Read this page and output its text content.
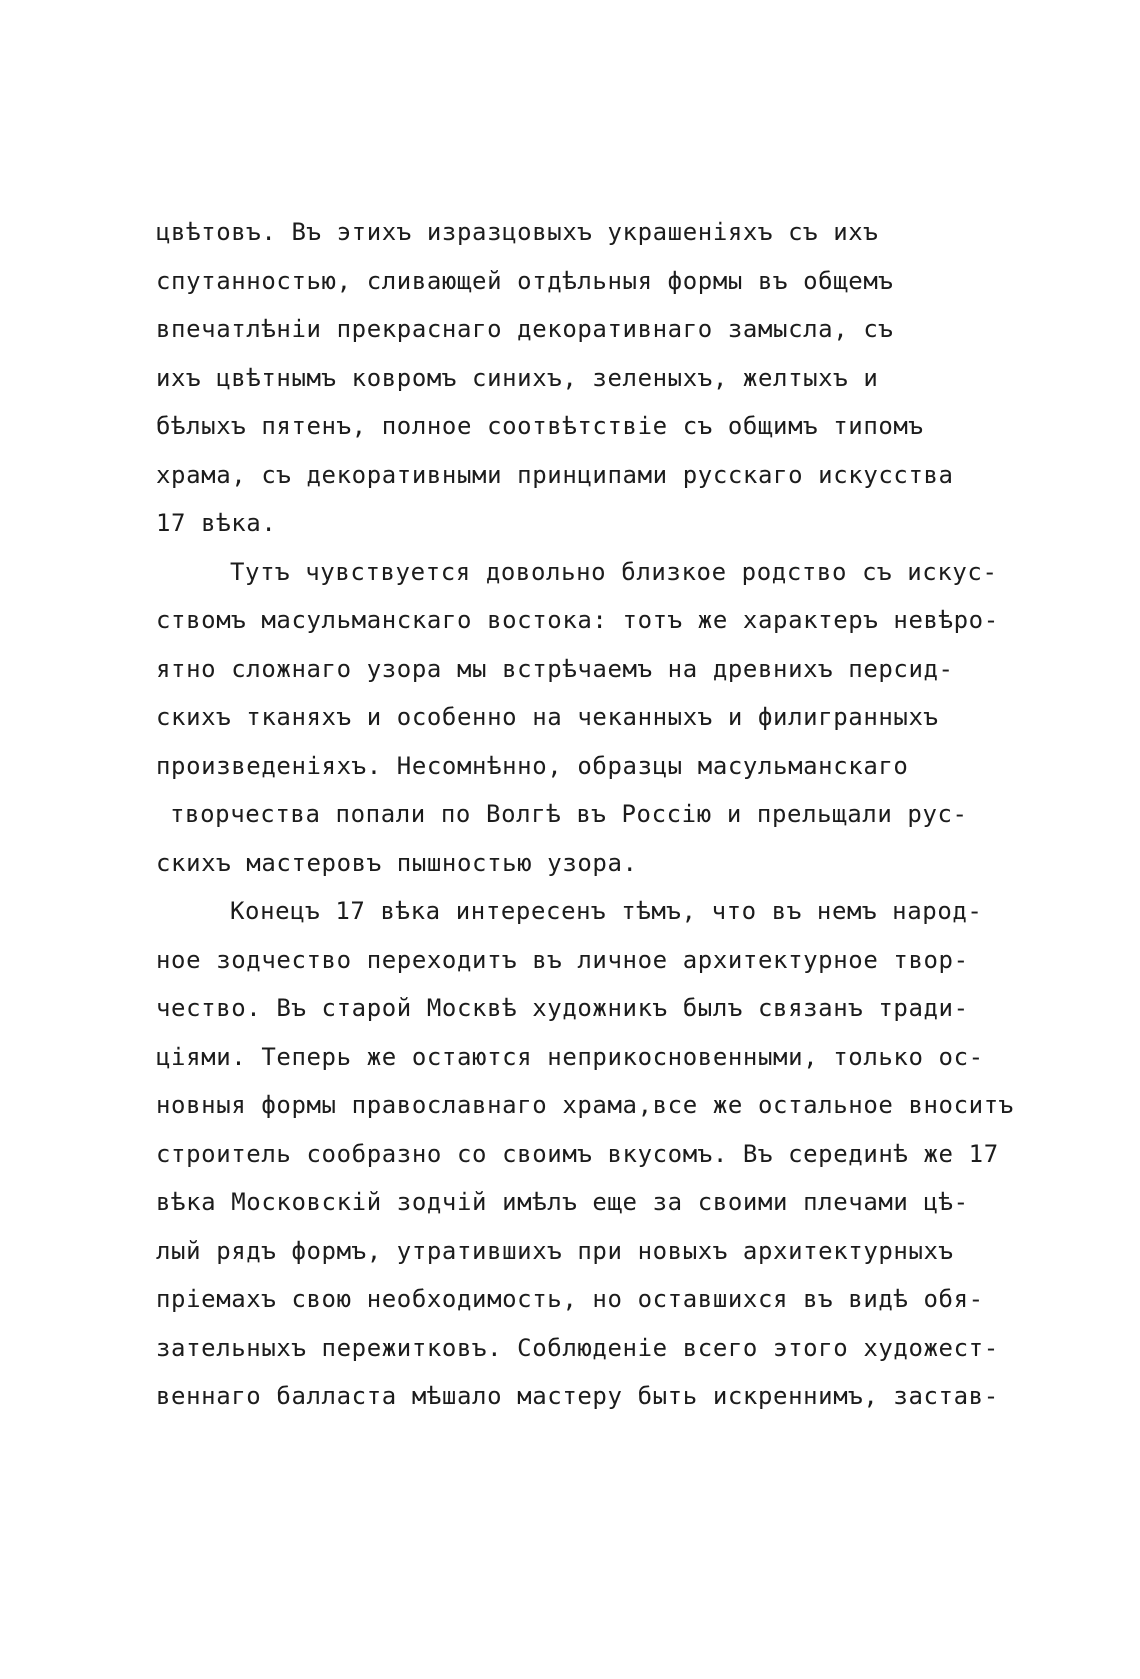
цвѣтовъ. Въ этихъ изразцовыхъ украшеніяхъ съ ихъ
спутанностью, сливающей отдѣльныя формы въ общемъ
впечатлѣніи прекраснаго декоративнаго замысла, съ
ихъ цвѣтнымъ ковромъ синихъ, зеленыхъ, желтыхъ и
бѣлыхъ пятенъ, полное соотвѣтствіе съ общимъ типомъ
храма, съ декоративными принципами русскаго искусства
17 вѣка.
Тутъ чувствуется довольно близкое родство съ искус-
ствомъ масульманскаго востока: тотъ же характеръ невѣро-
ятно сложнаго узора мы встрѣчаемъ на древнихъ персид-
скихъ тканяхъ и особенно на чеканныхъ и филигранныхъ
произведеніяхъ. Несомнѣнно, образцы масульманскаго
творчества попали по Волгѣ въ Россію и прельщали рус-
скихъ мастеровъ пышностью узора.
Конецъ 17 вѣка интересенъ тѣмъ, что въ немъ народ-
ное зодчество переходитъ въ личное архитектурное твор-
чество. Въ старой Москвѣ художникъ былъ связанъ тради-
ціями. Теперь же остаются неприкосновенными, только ос-
новныя формы православнаго храма,все же остальное вноситъ
строитель сообразно со своимъ вкусомъ. Въ серединѣ же 17
вѣка Московскій зодчій имѣлъ еще за своими плечами цѣ-
лый рядъ формъ, утратившихъ при новыхъ архитектурныхъ
пріемахъ свою необходимость, но оставшихся въ видѣ обя-
зательныхъ пережитковъ. Соблюденіе всего этого художест-
веннаго балласта мѣшало мастеру быть искреннимъ, застав-
